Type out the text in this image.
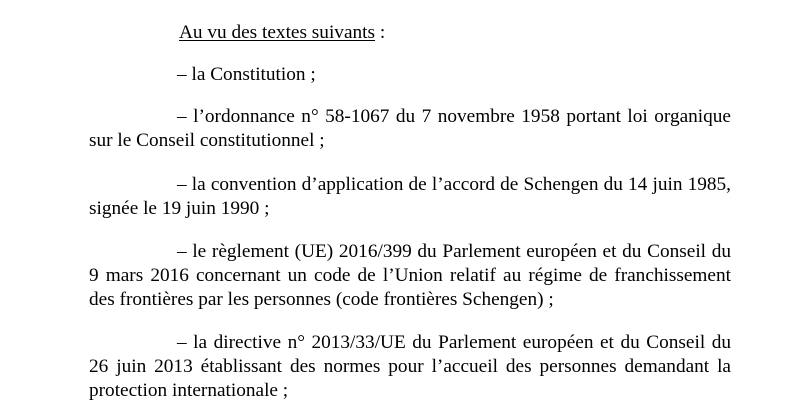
Au vu des textes suivants :

– la Constitution ;

– l’ordonnance n° 58-1067 du 7 novembre 1958 portant loi organique sur le Conseil constitutionnel ;

– la convention d’application de l’accord de Schengen du 14 juin 1985, signée le 19 juin 1990 ;

– le règlement (UE) 2016/399 du Parlement européen et du Conseil du 9 mars 2016 concernant un code de l’Union relatif au régime de franchissement des frontières par les personnes (code frontières Schengen) ;

– la directive n° 2013/33/UE du Parlement européen et du Conseil du 26 juin 2013 établissant des normes pour l’accueil des personnes demandant la protection internationale ;
